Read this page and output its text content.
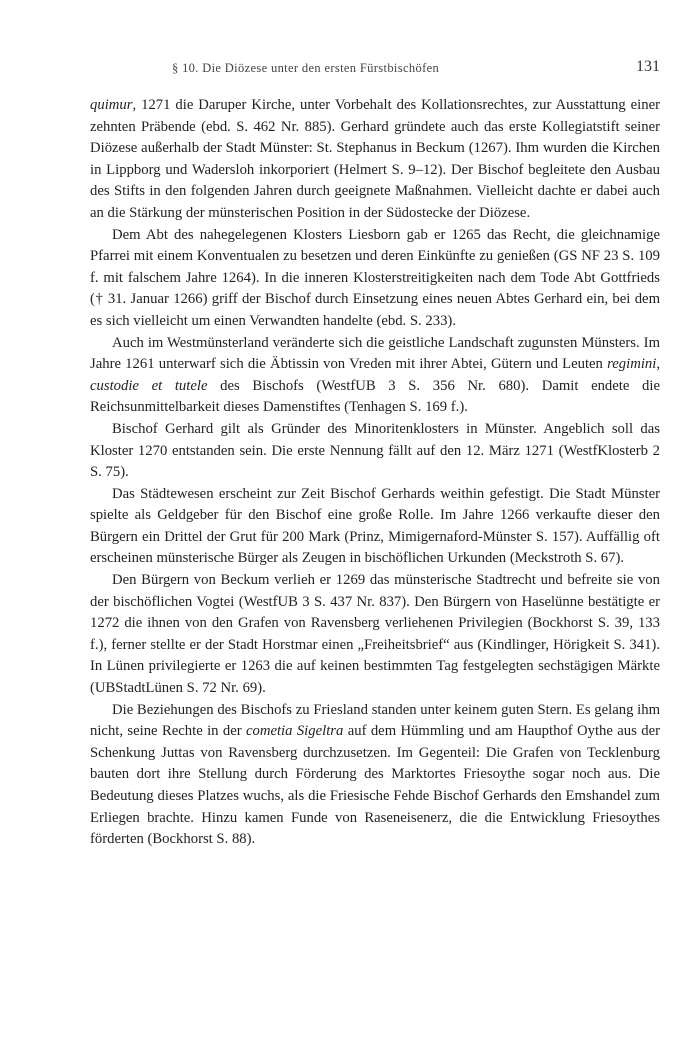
§ 10. Die Diözese unter den ersten Fürstbischöfen	131

quimur, 1271 die Daruper Kirche, unter Vorbehalt des Kollationsrechtes, zur Ausstattung einer zehnten Präbende (ebd. S. 462 Nr. 885). Gerhard gründete auch das erste Kollegiatstift seiner Diözese außerhalb der Stadt Münster: St. Stephanus in Beckum (1267). Ihm wurden die Kirchen in Lippborg und Wadersloh inkorporiert (Helmert S. 9–12). Der Bischof begleitete den Ausbau des Stifts in den folgenden Jahren durch geeignete Maßnahmen. Vielleicht dachte er dabei auch an die Stärkung der münsterischen Position in der Südostecke der Diözese.

Dem Abt des nahegelegenen Klosters Liesborn gab er 1265 das Recht, die gleichnamige Pfarrei mit einem Konventualen zu besetzen und deren Einkünfte zu genießen (GS NF 23 S. 109 f. mit falschem Jahre 1264). In die inneren Klosterstreitigkeiten nach dem Tode Abt Gottfrieds († 31. Januar 1266) griff der Bischof durch Einsetzung eines neuen Abtes Gerhard ein, bei dem es sich vielleicht um einen Verwandten handelte (ebd. S. 233).

Auch im Westmünsterland veränderte sich die geistliche Landschaft zugunsten Münsters. Im Jahre 1261 unterwarf sich die Äbtissin von Vreden mit ihrer Abtei, Gütern und Leuten regimini, custodie et tutele des Bischofs (WestfUB 3 S. 356 Nr. 680). Damit endete die Reichsunmittelbarkeit dieses Damenstiftes (Tenhagen S. 169 f.).

Bischof Gerhard gilt als Gründer des Minoritenklosters in Münster. Angeblich soll das Kloster 1270 entstanden sein. Die erste Nennung fällt auf den 12. März 1271 (WestfKlosterb 2 S. 75).

Das Städtewesen erscheint zur Zeit Bischof Gerhards weithin gefestigt. Die Stadt Münster spielte als Geldgeber für den Bischof eine große Rolle. Im Jahre 1266 verkaufte dieser den Bürgern ein Drittel der Grut für 200 Mark (Prinz, Mimigernaford-Münster S. 157). Auffällig oft erscheinen münsterische Bürger als Zeugen in bischöflichen Urkunden (Meckstroth S. 67).

Den Bürgern von Beckum verlieh er 1269 das münsterische Stadtrecht und befreite sie von der bischöflichen Vogtei (WestfUB 3 S. 437 Nr. 837). Den Bürgern von Haselünne bestätigte er 1272 die ihnen von den Grafen von Ravensberg verliehenen Privilegien (Bockhorst S. 39, 133 f.), ferner stellte er der Stadt Horstmar einen „Freiheitsbrief“ aus (Kindlinger, Hörigkeit S. 341). In Lünen privilegierte er 1263 die auf keinen bestimmten Tag festgelegten sechstägigen Märkte (UBStadtLünen S. 72 Nr. 69).

Die Beziehungen des Bischofs zu Friesland standen unter keinem guten Stern. Es gelang ihm nicht, seine Rechte in der cometia Sigeltra auf dem Hümmling und am Haupthof Oythe aus der Schenkung Juttas von Ravensberg durchzusetzen. Im Gegenteil: Die Grafen von Tecklenburg bauten dort ihre Stellung durch Förderung des Marktortes Friesoythe sogar noch aus. Die Bedeutung dieses Platzes wuchs, als die Friesische Fehde Bischof Gerhards den Emshandel zum Erliegen brachte. Hinzu kamen Funde von Raseneisenerz, die die Entwicklung Friesoythes förderten (Bockhorst S. 88).
